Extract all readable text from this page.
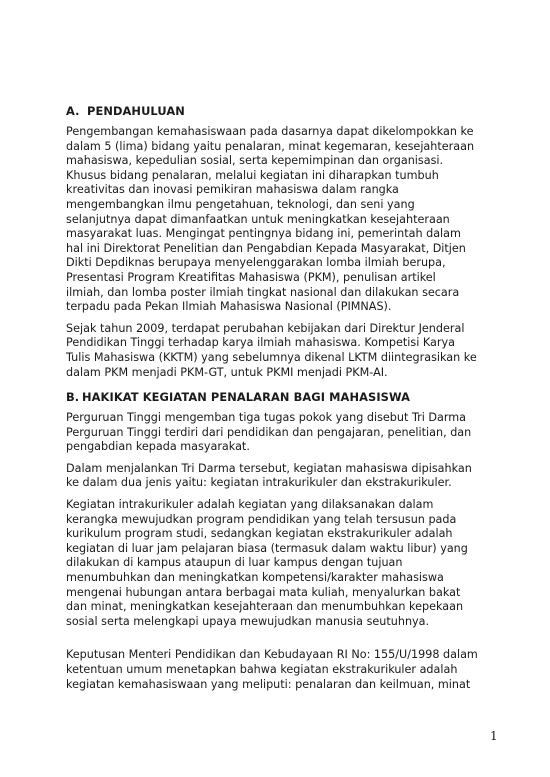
A. PENDAHULUAN
Pengembangan kemahasiswaan pada dasarnya dapat dikelompokkan ke
dalam 5 (lima) bidang yaitu penalaran, minat kegemaran, kesejahteraan
mahasiswa, kepedulian sosial, serta kepemimpinan dan organisasi.
Khusus bidang penalaran, melalui kegiatan ini diharapkan tumbuh
kreativitas dan inovasi pemikiran mahasiswa dalam rangka
mengembangkan ilmu pengetahuan, teknologi, dan seni yang
selanjutnya dapat dimanfaatkan untuk meningkatkan kesejahteraan
masyarakat luas. Mengingat pentingnya bidang ini, pemerintah dalam
hal ini Direktorat Penelitian dan Pengabdian Kepada Masyarakat, Ditjen
Dikti Depdiknas berupaya menyelenggarakan lomba ilmiah berupa,
Presentasi Program Kreatifitas Mahasiswa (PKM), penulisan artikel
ilmiah, dan lomba poster ilmiah tingkat nasional dan dilakukan secara
terpadu pada Pekan Ilmiah Mahasiswa Nasional (PIMNAS).
Sejak tahun 2009, terdapat perubahan kebijakan dari Direktur Jenderal
Pendidikan Tinggi terhadap karya ilmiah mahasiswa. Kompetisi Karya
Tulis Mahasiswa (KKTM) yang sebelumnya dikenal LKTM diintegrasikan ke
dalam PKM menjadi PKM-GT, untuk PKMI menjadi PKM-AI.
B. HAKIKAT KEGIATAN PENALARAN BAGI MAHASISWA
Perguruan Tinggi mengemban tiga tugas pokok yang disebut Tri Darma
Perguruan Tinggi terdiri dari pendidikan dan pengajaran, penelitian, dan
pengabdian kepada masyarakat.
Dalam menjalankan Tri Darma tersebut, kegiatan mahasiswa dipisahkan
ke dalam dua jenis yaitu: kegiatan intrakurikuler dan ekstrakurikuler.
Kegiatan intrakurikuler adalah kegiatan yang dilaksanakan dalam
kerangka mewujudkan program pendidikan yang telah tersusun pada
kurikulum program studi, sedangkan kegiatan ekstrakurikuler adalah
kegiatan di luar jam pelajaran biasa (termasuk dalam waktu libur) yang
dilakukan di kampus ataupun di luar kampus dengan tujuan
menumbuhkan dan meningkatkan kompetensi/karakter mahasiswa
mengenai hubungan antara berbagai mata kuliah, menyalurkan bakat
dan minat, meningkatkan kesejahteraan dan menumbuhkan kepekaan
sosial serta melengkapi upaya mewujudkan manusia seutuhnya.
Keputusan Menteri Pendidikan dan Kebudayaan RI No: 155/U/1998 dalam
ketentuan umum menetapkan bahwa kegiatan ekstrakurikuler adalah
kegiatan kemahasiswaan yang meliputi: penalaran dan keilmuan, minat
1
